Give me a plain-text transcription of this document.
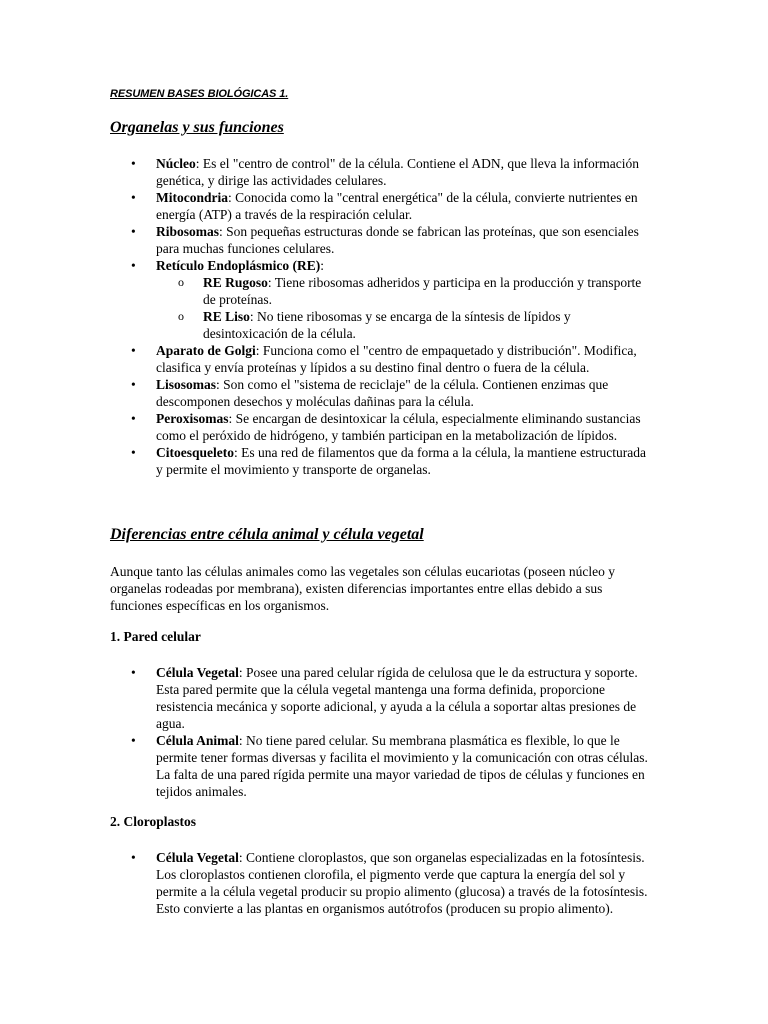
RESUMEN BASES BIOLÓGICAS 1.
Organelas y sus funciones
• Núcleo: Es el "centro de control" de la célula. Contiene el ADN, que lleva la información genética, y dirige las actividades celulares.
• Mitocondria: Conocida como la "central energética" de la célula, convierte nutrientes en energía (ATP) a través de la respiración celular.
• Ribosomas: Son pequeñas estructuras donde se fabrican las proteínas, que son esenciales para muchas funciones celulares.
• Retículo Endoplásmico (RE):
o RE Rugoso: Tiene ribosomas adheridos y participa en la producción y transporte de proteínas.
o RE Liso: No tiene ribosomas y se encarga de la síntesis de lípidos y desintoxicación de la célula.
• Aparato de Golgi: Funciona como el "centro de empaquetado y distribución". Modifica, clasifica y envía proteínas y lípidos a su destino final dentro o fuera de la célula.
• Lisosomas: Son como el "sistema de reciclaje" de la célula. Contienen enzimas que descomponen desechos y moléculas dañinas para la célula.
• Peroxisomas: Se encargan de desintoxicar la célula, especialmente eliminando sustancias como el peróxido de hidrógeno, y también participan en la metabolización de lípidos.
• Citoesqueleto: Es una red de filamentos que da forma a la célula, la mantiene estructurada y permite el movimiento y transporte de organelas.
Diferencias entre célula animal y célula vegetal

Aunque tanto las células animales como las vegetales son células eucariotas (poseen núcleo y organelas rodeadas por membrana), existen diferencias importantes entre ellas debido a sus funciones específicas en los organismos.

1. Pared celular
• Célula Vegetal: Posee una pared celular rígida de celulosa que le da estructura y soporte. Esta pared permite que la célula vegetal mantenga una forma definida, proporcione resistencia mecánica y soporte adicional, y ayuda a la célula a soportar altas presiones de agua.
• Célula Animal: No tiene pared celular. Su membrana plasmática es flexible, lo que le permite tener formas diversas y facilita el movimiento y la comunicación con otras células. La falta de una pared rígida permite una mayor variedad de tipos de células y funciones en tejidos animales.
2. Cloroplastos
• Célula Vegetal: Contiene cloroplastos, que son organelas especializadas en la fotosíntesis. Los cloroplastos contienen clorofila, el pigmento verde que captura la energía del sol y permite a la célula vegetal producir su propio alimento (glucosa) a través de la fotosíntesis. Esto convierte a las plantas en organismos autótrofos (producen su propio alimento).
